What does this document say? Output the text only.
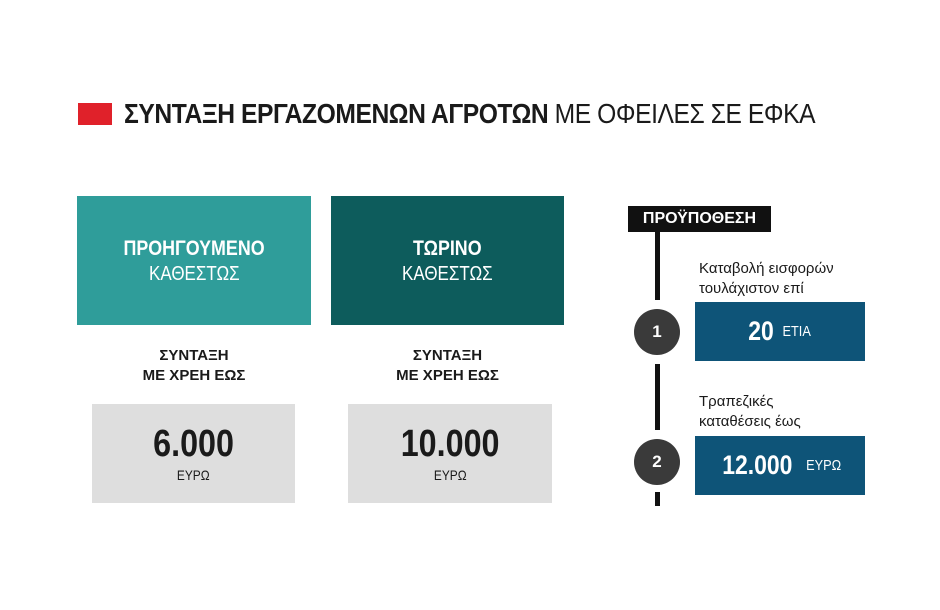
ΣΥΝΤΑΞΗ ΕΡΓΑΖΟΜΕΝΩΝ ΑΓΡΟΤΩΝ ΜΕ ΟΦΕΙΛΕΣ ΣΕ ΕΦΚΑ
ΠΡΟΗΓΟΥΜΕΝΟ
ΚΑΘΕΣΤΩΣ
ΤΩΡΙΝΟ
ΚΑΘΕΣΤΩΣ
ΣΥΝΤΑΞΗ
ΜΕ ΧΡΕΗ ΕΩΣ
ΣΥΝΤΑΞΗ
ΜΕ ΧΡΕΗ ΕΩΣ
6.000
ΕΥΡΩ
10.000
ΕΥΡΩ
ΠΡΟΫΠΟΘΕΣΗ
1
Καταβολή εισφορών
τουλάχιστον επί
20 ΕΤΙΑ
2
Τραπεζικές
καταθέσεις έως
12.000 ΕΥΡΩ
